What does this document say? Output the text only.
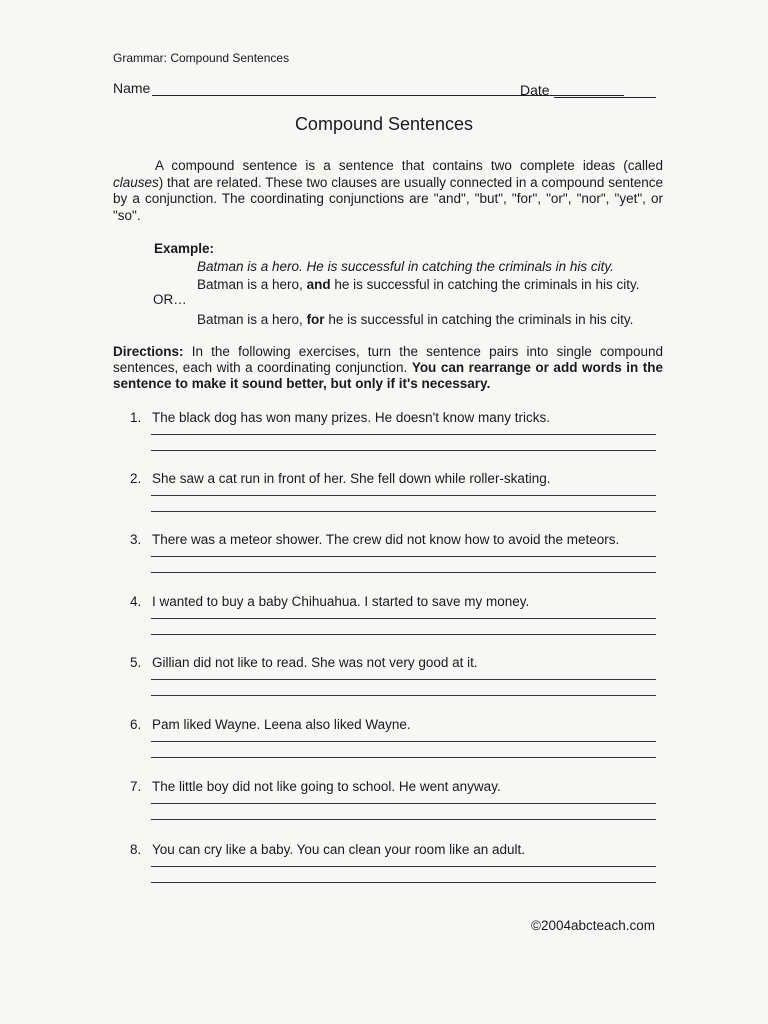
Grammar: Compound Sentences
Name	Date
Compound Sentences
A compound sentence is a sentence that contains two complete ideas (called clauses) that are related. These two clauses are usually connected in a compound sentence by a conjunction. The coordinating conjunctions are "and", "but", "for", "or", "nor", "yet", or "so".
Example:
Batman is a hero. He is successful in catching the criminals in his city.
Batman is a hero, and he is successful in catching the criminals in his city.
OR…
Batman is a hero, for he is successful in catching the criminals in his city.
Directions: In the following exercises, turn the sentence pairs into single compound sentences, each with a coordinating conjunction. You can rearrange or add words in the sentence to make it sound better, but only if it's necessary.
1. The black dog has won many prizes. He doesn't know many tricks.
2. She saw a cat run in front of her. She fell down while roller-skating.
3. There was a meteor shower. The crew did not know how to avoid the meteors.
4. I wanted to buy a baby Chihuahua. I started to save my money.
5. Gillian did not like to read. She was not very good at it.
6. Pam liked Wayne. Leena also liked Wayne.
7. The little boy did not like going to school. He went anyway.
8. You can cry like a baby. You can clean your room like an adult.
©2004abcteach.com
